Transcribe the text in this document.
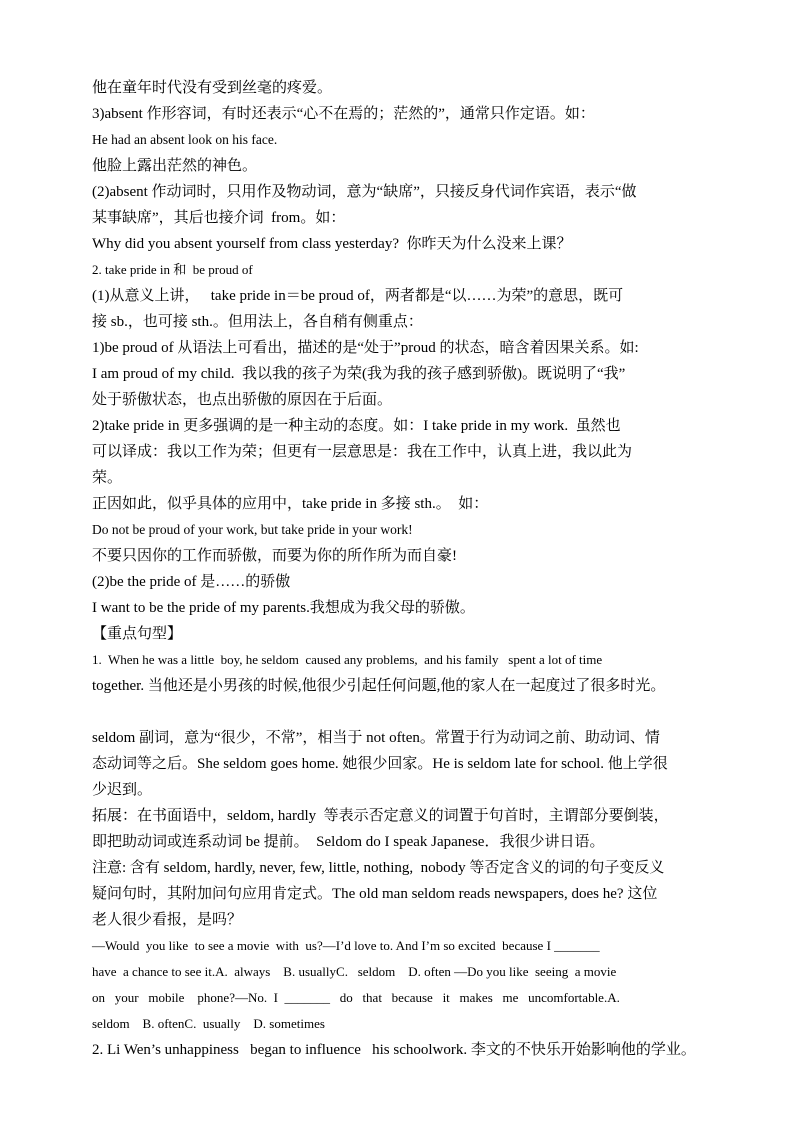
他在童年时代没有受到丝毫的疼爱。
3)absent 作形容词，有时还表示“心不在焉的；茫然的”，通常只作定语。如：
He had an absent look on his face.
他脸上露出茫然的神色。
(2)absent 作动词时，只用作及物动词，意为“缺席”，只接反身代词作宾语，表示“做
某事缺席”，其后也接介词  from。如：
Why did you absent yourself from class yesterday?  你昨天为什么没来上课？
2. take pride in 和  be proud of
(1)从意义上讲，   take pride in＝be proud of，两者都是“以……为荣”的意思，既可
接 sb.，也可接 sth.。但用法上，各自稍有侧重点：
1)be proud of 从语法上可看出，描述的是“处于”proud 的状态，暗含着因果关系。如:
I am proud of my child.  我以我的孩子为荣(我为我的孩子感到骄傲)。既说明了“我”
处于骄傲状态，也点出骄傲的原因在于后面。
2)take pride in 更多强调的是一种主动的态度。如：I take pride in my work.  虽然也
可以译成：我以工作为荣；但更有一层意思是：我在工作中，认真上进，我以此为
荣。
正因如此，似乎具体的应用中，take pride in 多接 sth.。  如：
Do not be proud of your work, but take pride in your work!
不要只因你的工作而骄傲，而要为你的所作所为而自豪!
(2)be the pride of 是……的骄傲
I want to be the pride of my parents.我想成为我父母的骄傲。
【重点句型】
1.  When he was a little  boy, he seldom  caused any problems,  and his family   spent a lot of time
together. 当他还是小男孩的时候,他很少引起任何问题,他的家人在一起度过了很多时光。
seldom 副词，意为“很少，不常”，相当于 not often。常置于行为动词之前、助动词、情
态动词等之后。She seldom goes home. 她很少回家。He is seldom late for school. 他上学很
少迟到。
拓展：在书面语中，seldom, hardly  等表示否定意义的词置于句首时，主谓部分要倒装，
即把助动词或连系动词 be 提前。  Seldom do I speak Japanese．我很少讲日语。
注意: 含有 seldom, hardly, never, few, little, nothing,  nobody 等否定含义的词的句子变反义
疑问句时，其附加问句应用肯定式。The old man seldom reads newspapers, does he? 这位
老人很少看报，是吗？
—Would  you like  to see a movie  with  us?—I’d love to. And I’m so excited  because I _______
have  a chance to see it.A.  always    B. usuallyC.   seldom    D. often —Do you like  seeing  a movie
on   your   mobile    phone?—No.  I  _______   do   that   because   it   makes   me   uncomfortable.A.
seldom    B. oftenC.  usually    D. sometimes
2. Li Wen’s unhappiness   began to influence   his schoolwork. 李文的不快乐开始影响他的学业。
